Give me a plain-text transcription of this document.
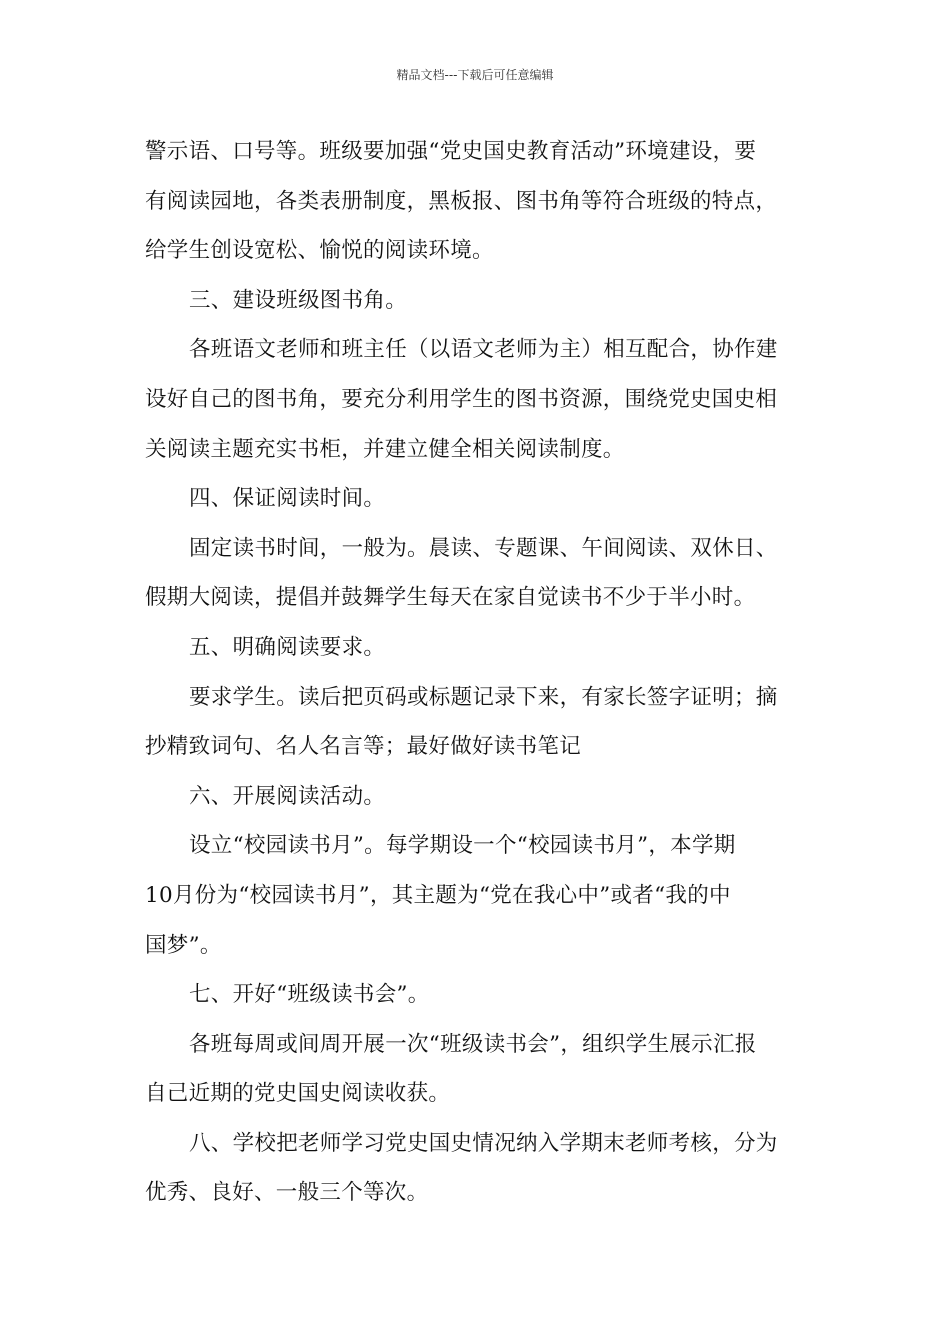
精品文档---下载后可任意编辑
警示语、口号等。班级要加强“党史国史教育活动”环境建设，要
有阅读园地，各类表册制度，黑板报、图书角等符合班级的特点，
给学生创设宽松、愉悦的阅读环境。
三、建设班级图书角。
各班语文老师和班主任（以语文老师为主）相互配合，协作建
设好自己的图书角，要充分利用学生的图书资源，围绕党史国史相
关阅读主题充实书柜，并建立健全相关阅读制度。
四、保证阅读时间。
固定读书时间，一般为。晨读、专题课、午间阅读、双休日、
假期大阅读，提倡并鼓舞学生每天在家自觉读书不少于半小时。
五、明确阅读要求。
要求学生。读后把页码或标题记录下来，有家长签字证明；摘
抄精致词句、名人名言等；最好做好读书笔记
六、开展阅读活动。
设立“校园读书月”。每学期设一个“校园读书月”，本学期
10月份为“校园读书月”，其主题为“党在我心中”或者“我的中
国梦”。
七、开好“班级读书会”。
各班每周或间周开展一次“班级读书会”，组织学生展示汇报
自己近期的党史国史阅读收获。
八、学校把老师学习党史国史情况纳入学期末老师考核，分为
优秀、良好、一般三个等次。
